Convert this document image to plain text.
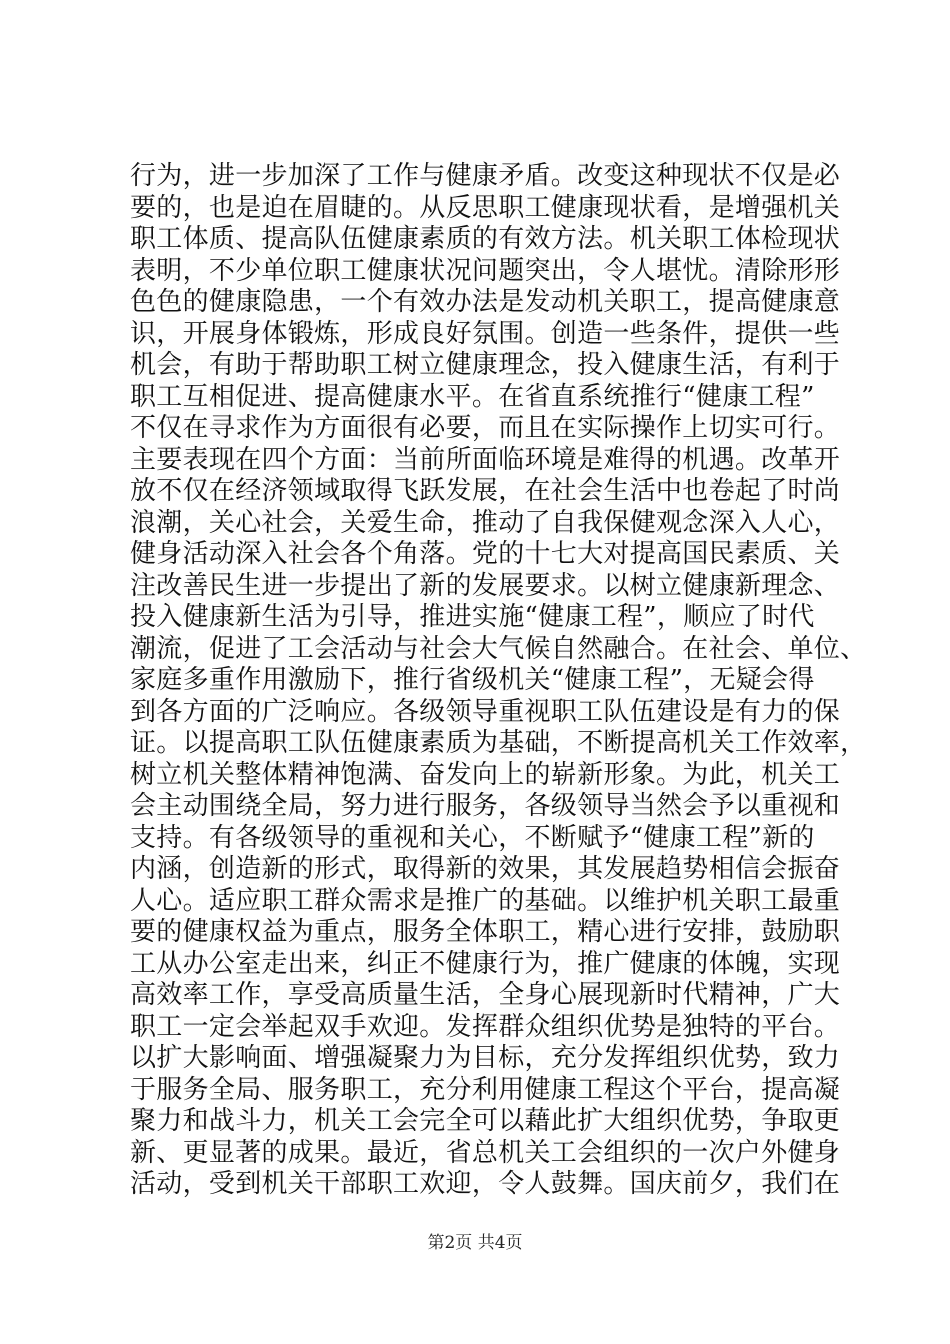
行为，进一步加深了工作与健康矛盾。改变这种现状不仅是必
要的，也是迫在眉睫的。从反思职工健康现状看，是增强机关
职工体质、提高队伍健康素质的有效方法。机关职工体检现状
表明，不少单位职工健康状况问题突出，令人堪忧。清除形形
色色的健康隐患，一个有效办法是发动机关职工，提高健康意
识，开展身体锻炼，形成良好氛围。创造一些条件，提供一些
机会，有助于帮助职工树立健康理念，投入健康生活，有利于
职工互相促进、提高健康水平。在省直系统推行“健康工程”
不仅在寻求作为方面很有必要，而且在实际操作上切实可行。
主要表现在四个方面：当前所面临环境是难得的机遇。改革开
放不仅在经济领域取得飞跃发展，在社会生活中也卷起了时尚
浪潮，关心社会，关爱生命，推动了自我保健观念深入人心，
健身活动深入社会各个角落。党的十七大对提高国民素质、关
注改善民生进一步提出了新的发展要求。以树立健康新理念、
投入健康新生活为引导，推进实施“健康工程”，顺应了时代
潮流，促进了工会活动与社会大气候自然融合。在社会、单位、
家庭多重作用激励下，推行省级机关“健康工程”，无疑会得
到各方面的广泛响应。各级领导重视职工队伍建设是有力的保
证。以提高职工队伍健康素质为基础，不断提高机关工作效率，
树立机关整体精神饱满、奋发向上的崭新形象。为此，机关工
会主动围绕全局，努力进行服务，各级领导当然会予以重视和
支持。有各级领导的重视和关心，不断赋予“健康工程”新的
内涵，创造新的形式，取得新的效果，其发展趋势相信会振奋
人心。适应职工群众需求是推广的基础。以维护机关职工最重
要的健康权益为重点，服务全体职工，精心进行安排，鼓励职
工从办公室走出来，纠正不健康行为，推广健康的体魄，实现
高效率工作，享受高质量生活，全身心展现新时代精神，广大
职工一定会举起双手欢迎。发挥群众组织优势是独特的平台。
以扩大影响面、增强凝聚力为目标，充分发挥组织优势，致力
于服务全局、服务职工，充分利用健康工程这个平台，提高凝
聚力和战斗力，机关工会完全可以藉此扩大组织优势，争取更
新、更显著的成果。最近，省总机关工会组织的一次户外健身
活动，受到机关干部职工欢迎，令人鼓舞。国庆前夕，我们在
第2页 共4页
